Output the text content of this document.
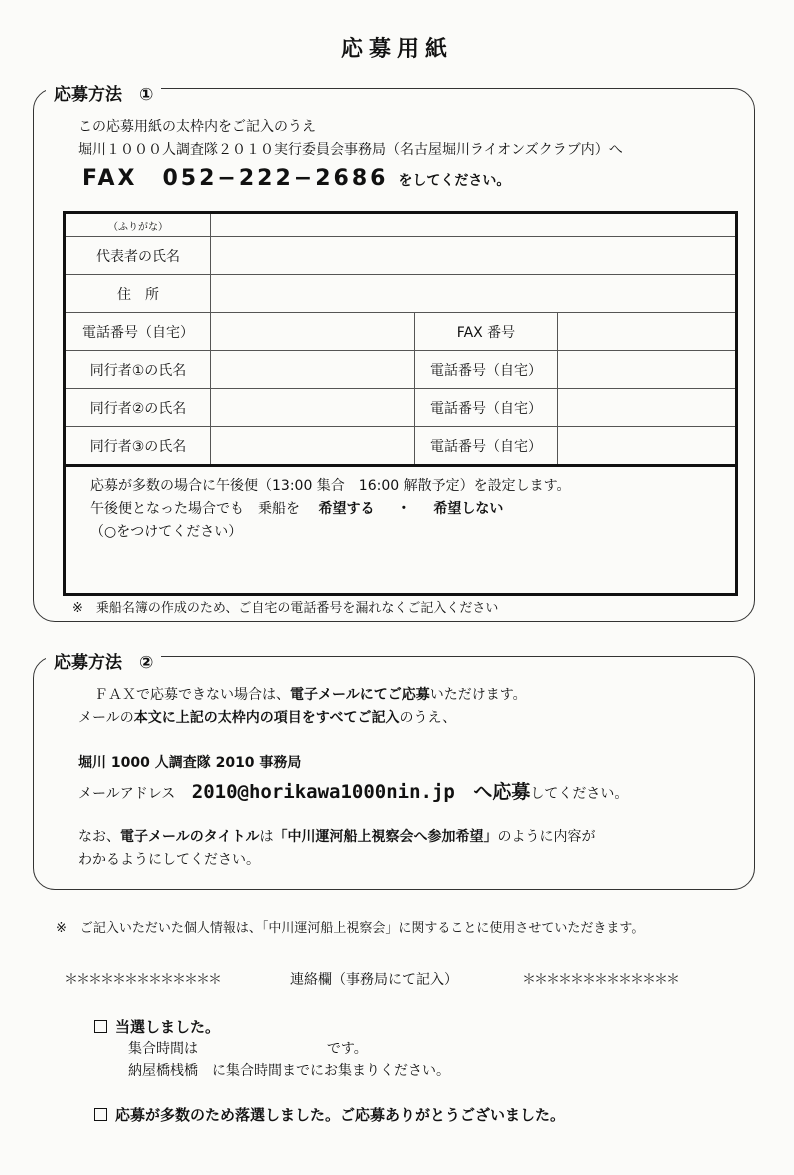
応募用紙
応募方法　①
この応募用紙の太枠内をご記入のうえ
堀川１０００人調査隊２０１０実行委員会事務局（名古屋堀川ライオンズクラブ内）へ
FAX　052−222−2686 をしてください。
（ふりがな）			
代表者の氏名			
住　所			
電話番号（自宅）		FAX 番号	
同行者①の氏名		電話番号（自宅）	
同行者②の氏名		電話番号（自宅）	
同行者③の氏名		電話番号（自宅）	

応募が多数の場合に午後便（13:00 集合　16:00 解散予定）を設定します。
午後便となった場合でも　乗船を 希望する ・ 希望しない
（○をつけてください）			
※　乗船名簿の作成のため、ご自宅の電話番号を漏れなくご記入ください
応募方法　②
ＦＡＸで応募できない場合は、電子メールにてご応募いただけます。
メールの本文に上記の太枠内の項目をすべてご記入のうえ、
堀川 1000 人調査隊 2010 事務局
メールアドレス 2010@horikawa1000nin.jp へ応募してください。
なお、電子メールのタイトルは「中川運河船上視察会へ参加希望」のように内容が
わかるようにしてください。
※　ご記入いただいた個人情報は、「中川運河船上視察会」に関することに使用させていただきます。
＊＊＊＊＊＊＊＊＊＊＊＊＊	連絡欄（事務局にて記入）	＊＊＊＊＊＊＊＊＊＊＊＊＊
当選しました。
集合時間は	です。
納屋橋桟橋　に集合時間までにお集まりください。
応募が多数のため落選しました。ご応募ありがとうございました。
